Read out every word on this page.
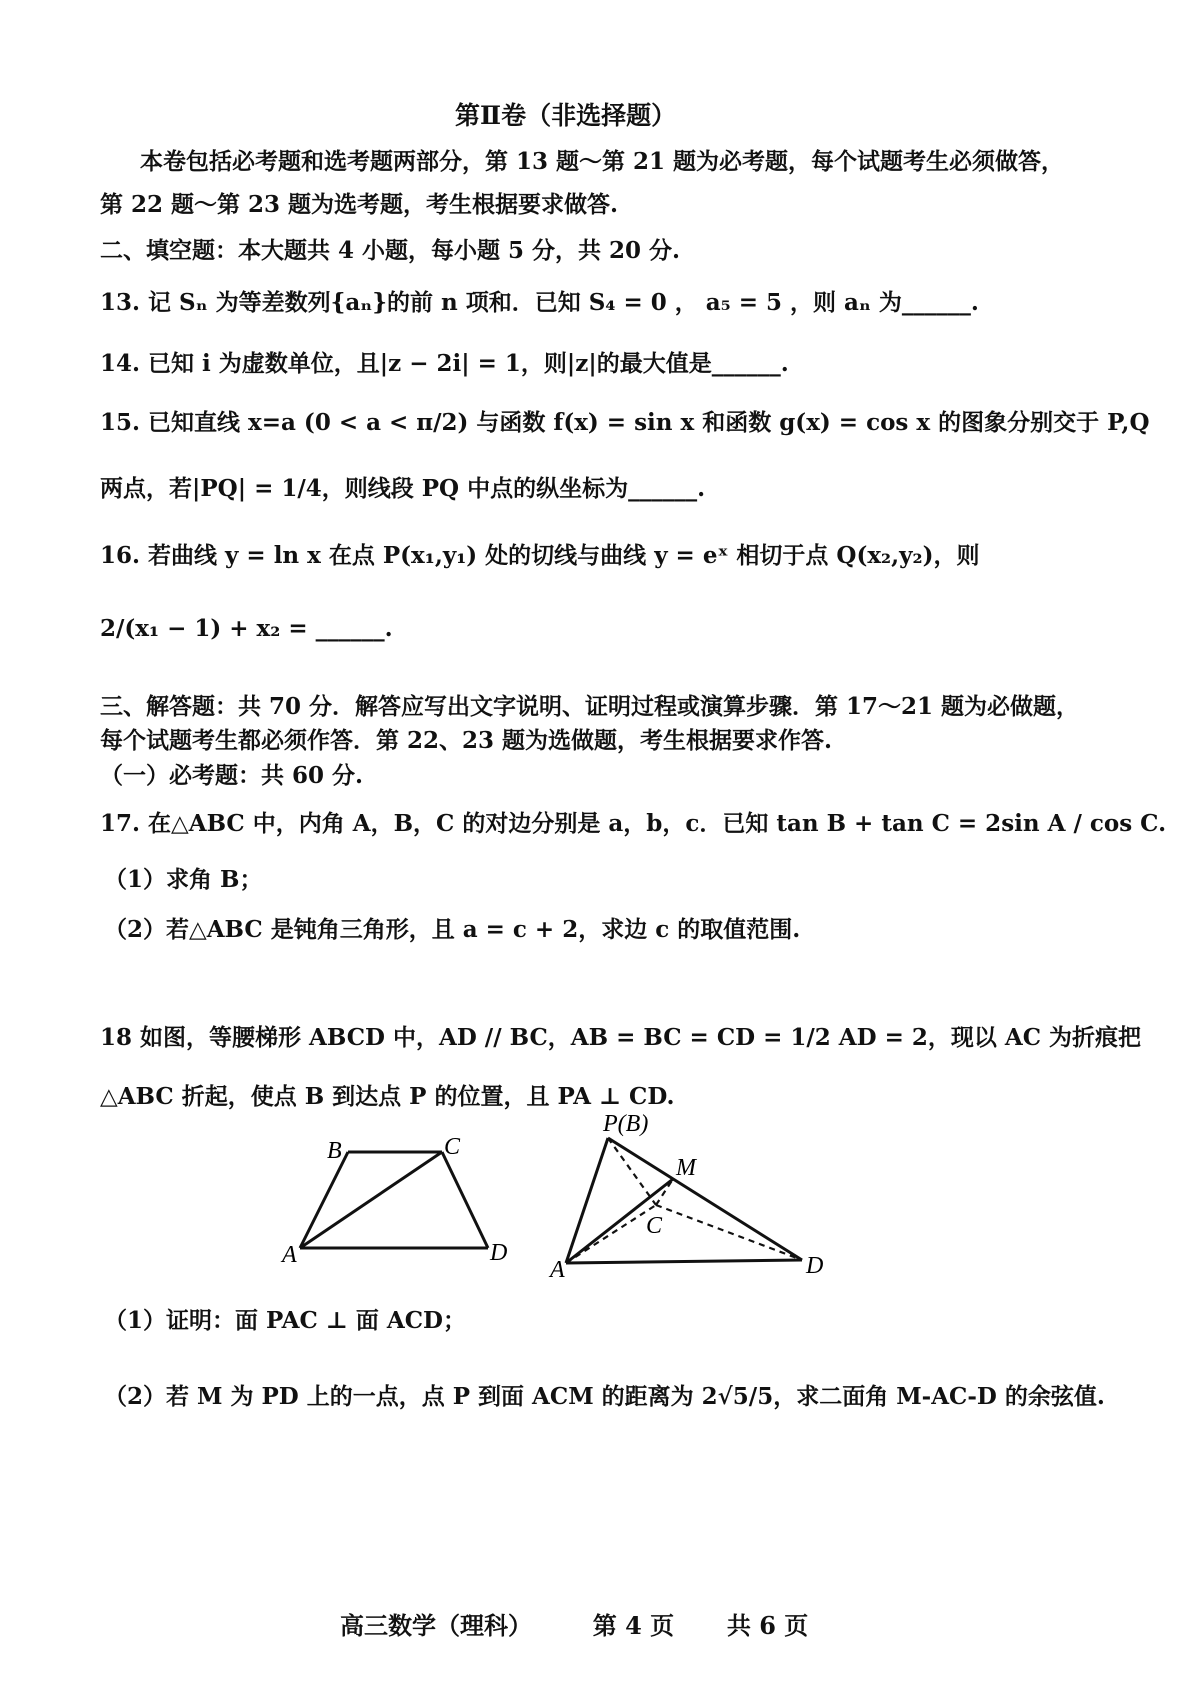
第Ⅱ卷（非选择题）
本卷包括必考题和选考题两部分，第 13 题～第 21 题为必考题，每个试题考生必须做答，
第 22 题～第 23 题为选考题，考生根据要求做答.
二、填空题：本大题共 4 小题，每小题 5 分，共 20 分.
13. 记 Sₙ 为等差数列{aₙ}的前 n 项和．已知 S₄ = 0 ， a₅ = 5 ，则 aₙ 为______.
14. 已知 i 为虚数单位，且|z − 2i| = 1，则|z|的最大值是______.
15. 已知直线 x=a (0 < a < π/2) 与函数 f(x) = sin x 和函数 g(x) = cos x 的图象分别交于 P,Q
两点，若|PQ| = 1/4，则线段 PQ 中点的纵坐标为______.
16. 若曲线 y = ln x 在点 P(x₁,y₁) 处的切线与曲线 y = eˣ 相切于点 Q(x₂,y₂)，则
2/(x₁ − 1) + x₂ = ______.
三、解答题：共 70 分．解答应写出文字说明、证明过程或演算步骤．第 17～21 题为必做题，
每个试题考生都必须作答．第 22、23 题为选做题，考生根据要求作答.
（一）必考题：共 60 分.
17. 在△ABC 中，内角 A，B，C 的对边分别是 a，b，c．已知 tan B + tan C = 2sin A / cos C.
（1）求角 B；
（2）若△ABC 是钝角三角形，且 a = c + 2，求边 c 的取值范围.
18 如图，等腰梯形 ABCD 中，AD // BC，AB = BC = CD = 1/2 AD = 2，现以 AC 为折痕把
△ABC 折起，使点 B 到达点 P 的位置，且 PA ⊥ CD.
A
B	C
D
P(B)
M
C
A	D
（1）证明：面 PAC ⊥ 面 ACD；
（2）若 M 为 PD 上的一点，点 P 到面 ACM 的距离为 2√5/5，求二面角 M-AC-D 的余弦值.
高三数学（理科）	第 4 页 共 6 页
